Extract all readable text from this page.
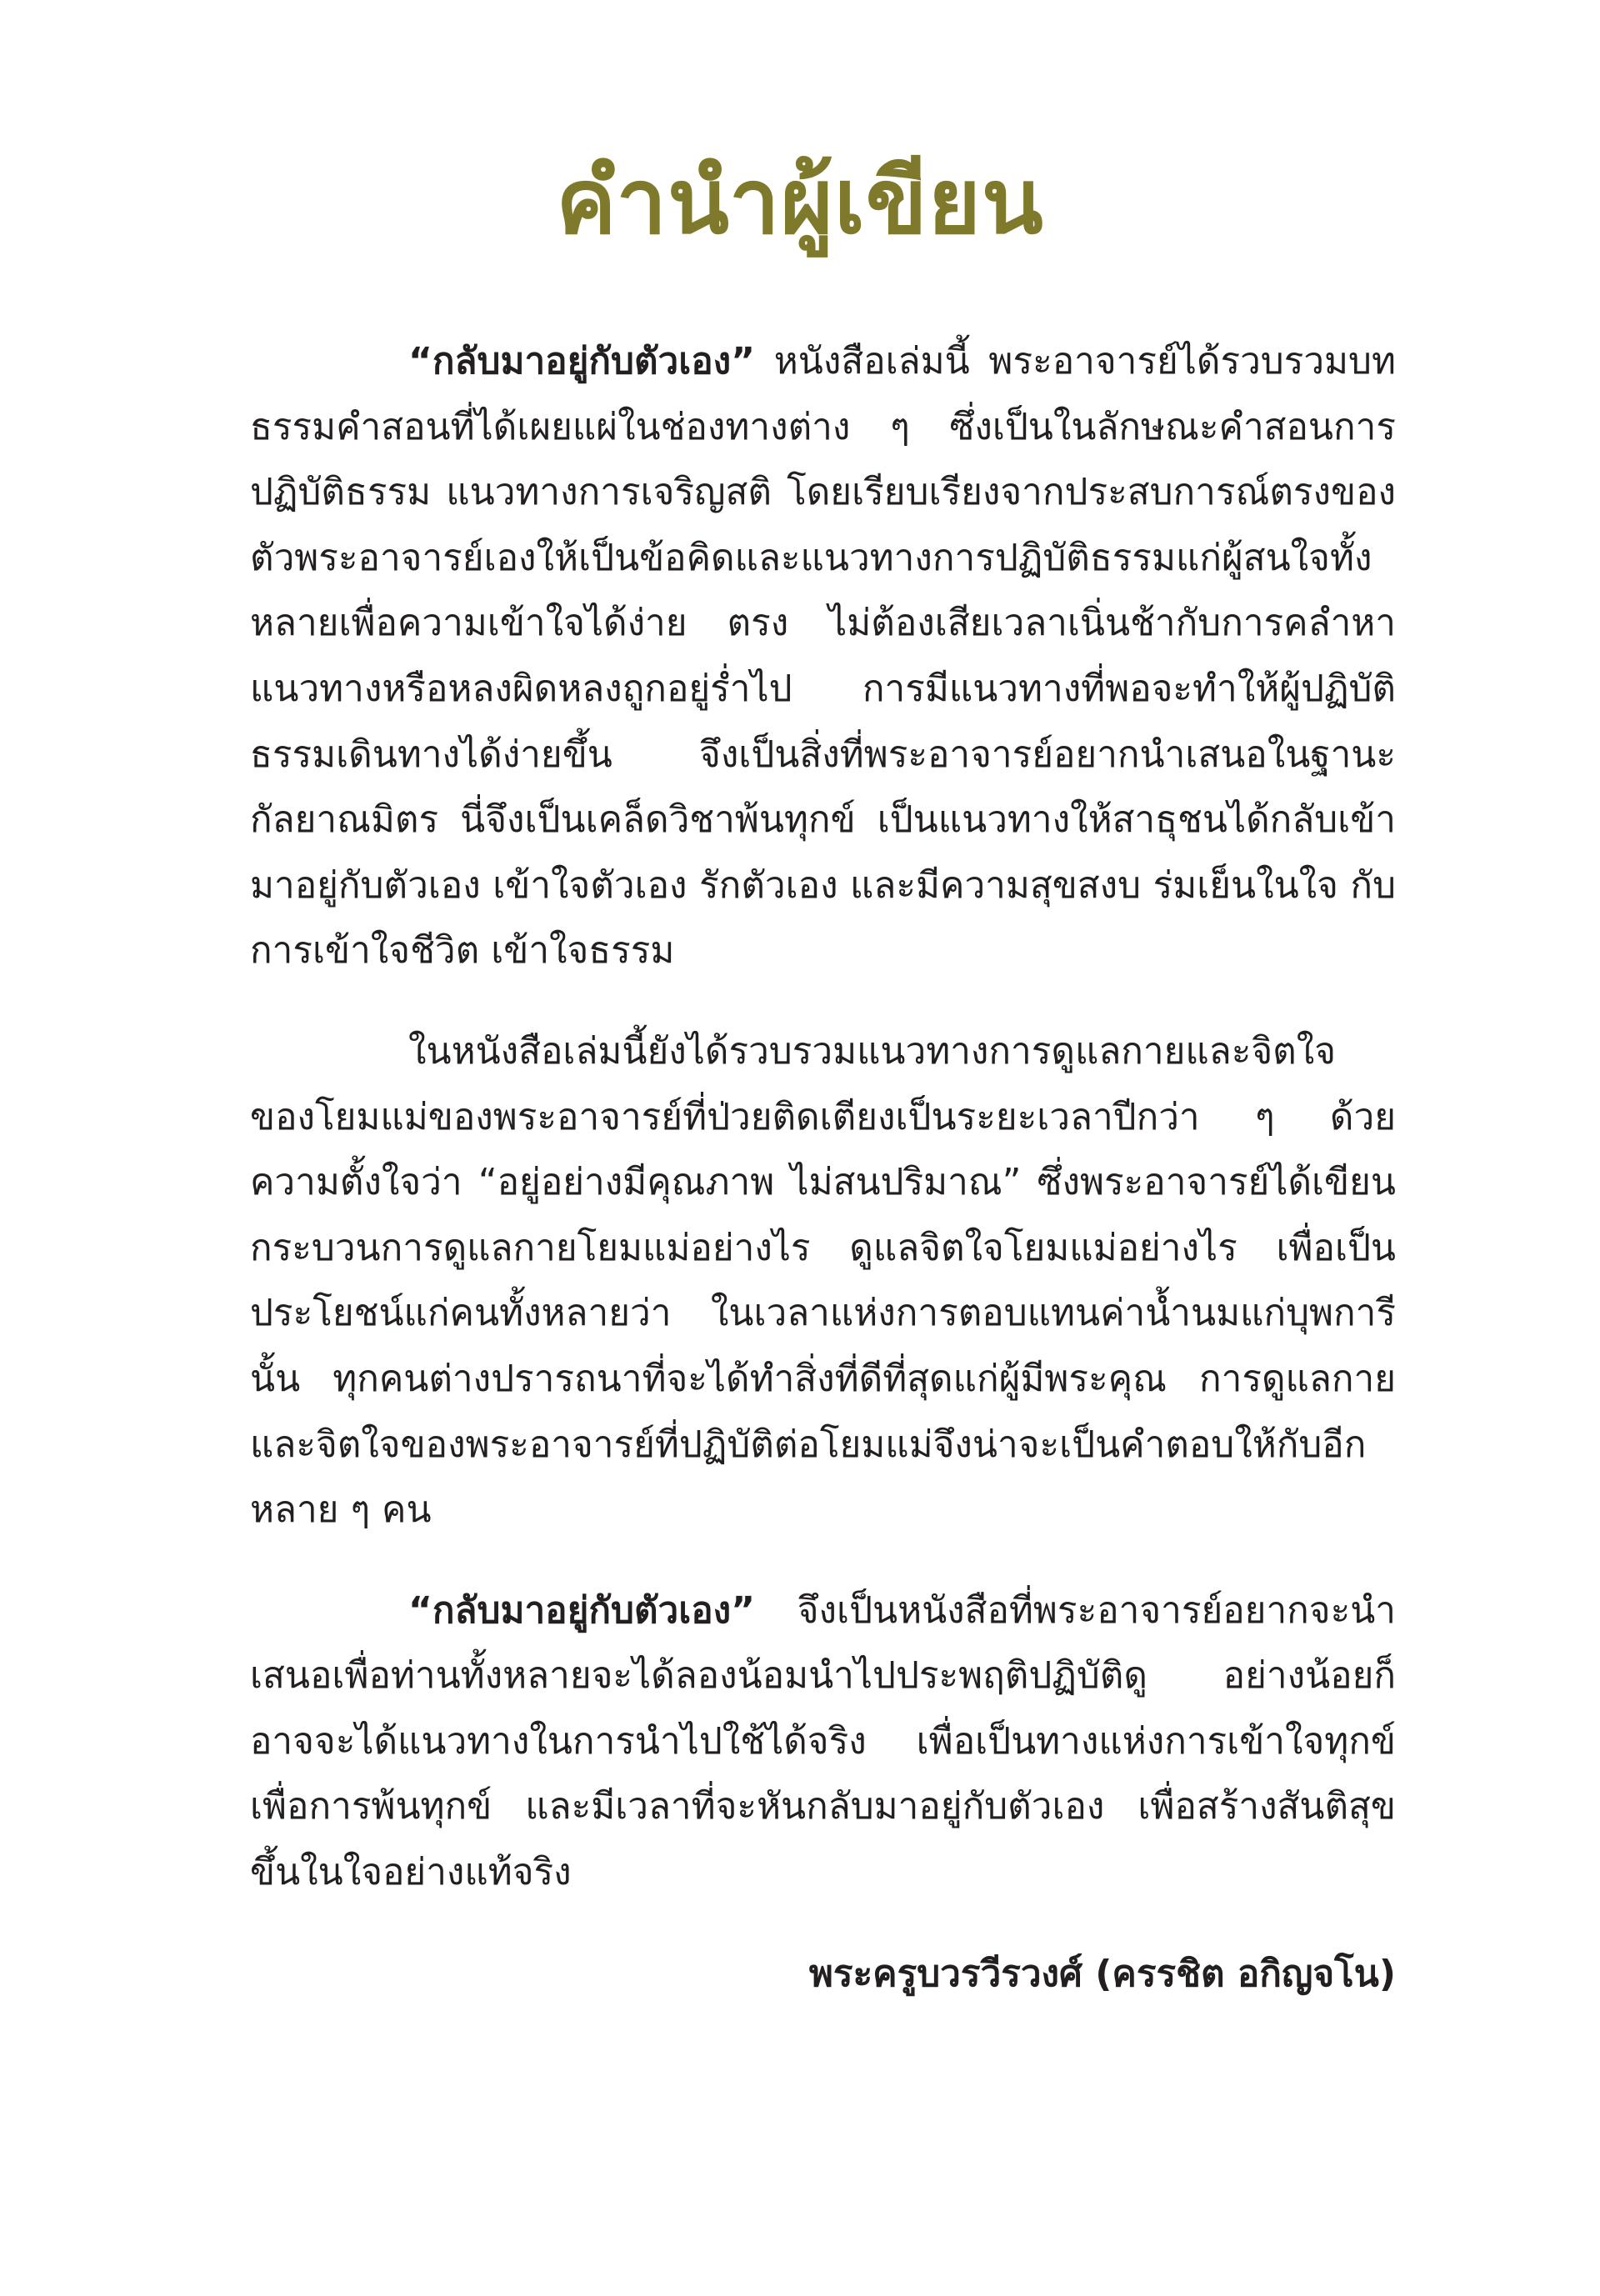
คำนำผู้เขียน

“กลับมาอยู่กับตัวเอง” หนังสือเล่มนี้ พระอาจารย์ได้รวบรวมบทธรรมคำสอนที่ได้เผยแผ่ในช่องทางต่าง ๆ ซึ่งเป็นในลักษณะคำสอนการปฏิบัติธรรม แนวทางการเจริญสติ โดยเรียบเรียงจากประสบการณ์ตรงของตัวพระอาจารย์เองให้เป็นข้อคิดและแนวทางการปฏิบัติธรรมแก่ผู้สนใจทั้งหลายเพื่อความเข้าใจได้ง่าย ตรง ไม่ต้องเสียเวลาเนิ่นช้ากับการคลำหาแนวทางหรือหลงผิดหลงถูกอยู่ร่ำไป การมีแนวทางที่พอจะทำให้ผู้ปฏิบัติธรรมเดินทางได้ง่ายขึ้น จึงเป็นสิ่งที่พระอาจารย์อยากนำเสนอในฐานะกัลยาณมิตร นี่จึงเป็นเคล็ดวิชาพ้นทุกข์ เป็นแนวทางให้สาธุชนได้กลับเข้ามาอยู่กับตัวเอง เข้าใจตัวเอง รักตัวเอง และมีความสุขสงบ ร่มเย็นในใจ กับการเข้าใจชีวิต เข้าใจธรรม

ในหนังสือเล่มนี้ยังได้รวบรวมแนวทางการดูแลกายและจิตใจของโยมแม่ของพระอาจารย์ที่ป่วยติดเตียงเป็นระยะเวลาปีกว่า ๆ ด้วยความตั้งใจว่า “อยู่อย่างมีคุณภาพ ไม่สนปริมาณ” ซึ่งพระอาจารย์ได้เขียนกระบวนการดูแลกายโยมแม่อย่างไร ดูแลจิตใจโยมแม่อย่างไร เพื่อเป็นประโยชน์แก่คนทั้งหลายว่า ในเวลาแห่งการตอบแทนค่าน้ำนมแก่บุพการีนั้น ทุกคนต่างปรารถนาที่จะได้ทำสิ่งที่ดีที่สุดแก่ผู้มีพระคุณ การดูแลกายและจิตใจของพระอาจารย์ที่ปฏิบัติต่อโยมแม่จึงน่าจะเป็นคำตอบให้กับอีกหลาย ๆ คน

“กลับมาอยู่กับตัวเอง” จึงเป็นหนังสือที่พระอาจารย์อยากจะนำเสนอเพื่อท่านทั้งหลายจะได้ลองน้อมนำไปประพฤติปฏิบัติดู อย่างน้อยก็อาจจะได้แนวทางในการนำไปใช้ได้จริง เพื่อเป็นทางแห่งการเข้าใจทุกข์ เพื่อการพ้นทุกข์ และมีเวลาที่จะหันกลับมาอยู่กับตัวเอง เพื่อสร้างสันติสุขขึ้นในใจอย่างแท้จริง

พระครูบวรวีรวงศ์ (ครรชิต อกิญจโน)
